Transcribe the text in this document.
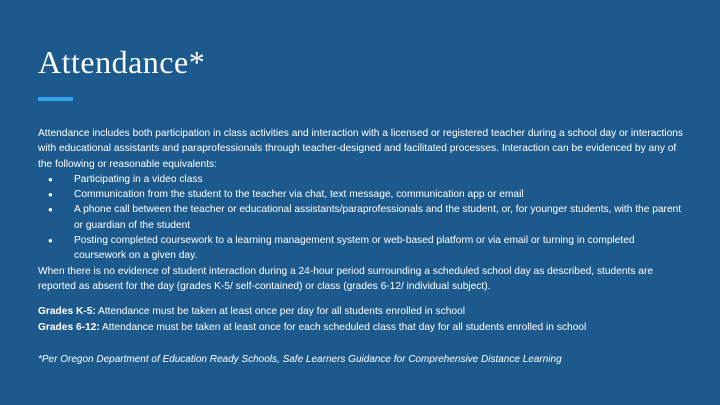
Attendance*

Attendance includes both participation in class activities and interaction with a licensed or registered teacher during a school day or interactions with educational assistants and paraprofessionals through teacher-designed and facilitated processes. Interaction can be evidenced by any of the following or reasonable equivalents:

● Participating in a video class
● Communication from the student to the teacher via chat, text message, communication app or email
● A phone call between the teacher or educational assistants/paraprofessionals and the student, or, for younger students, with the parent or guardian of the student
● Posting completed coursework to a learning management system or web-based platform or via email or turning in completed coursework on a given day.

When there is no evidence of student interaction during a 24-hour period surrounding a scheduled school day as described, students are reported as absent for the day (grades K-5/ self-contained) or class (grades 6-12/ individual subject).

Grades K-5: Attendance must be taken at least once per day for all students enrolled in school

Grades 6-12: Attendance must be taken at least once for each scheduled class that day for all students enrolled in school

*Per Oregon Department of Education Ready Schools, Safe Learners Guidance for Comprehensive Distance Learning
